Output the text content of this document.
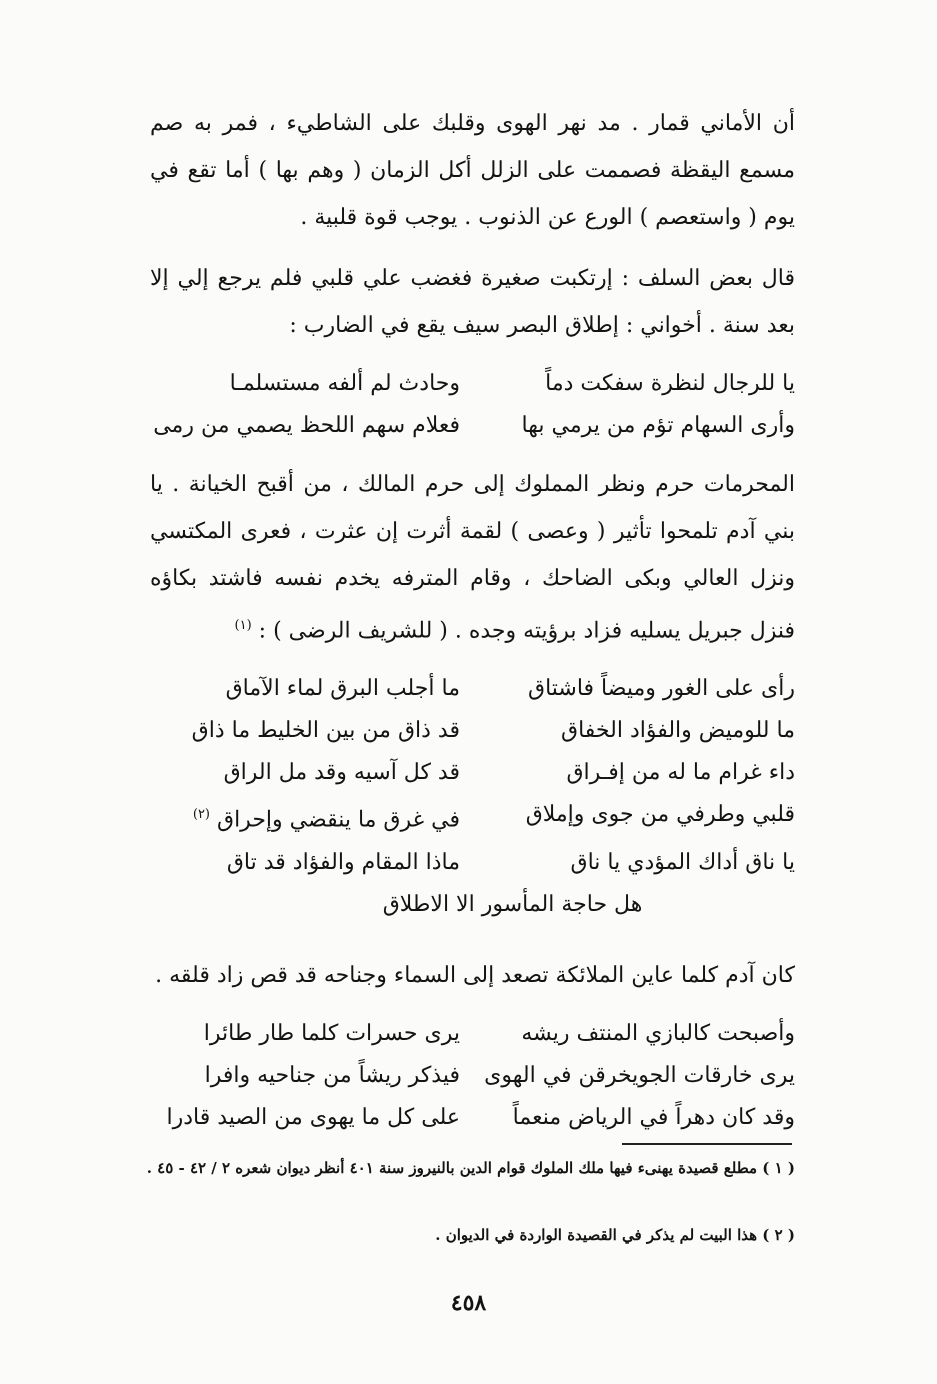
أن الأماني قمار . مد نهر الهوى وقلبك على الشاطيء ، فمر به صم مسمع اليقظة فصممت على الزلل أكل الزمان ( وهم بها ) أما تقع في يوم ( واستعصم ) الورع عن الذنوب . يوجب قوة قلبية .

قال بعض السلف : إرتكبت صغيرة فغضب علي قلبي فلم يرجع إلي إلا بعد سنة . أخواني : إطلاق البصر سيف يقع في الضارب :

يا للرجال لنظرة سفكت دماً
وحادث لم ألفه مستسلمـا
وأرى السهام تؤم من يرمي بها
فعلام سهم اللحظ يصمي من رمى

المحرمات حرم ونظر المملوك إلى حرم المالك ، من أقبح الخيانة . يا بني آدم تلمحوا تأثير ( وعصى ) لقمة أثرت إن عثرت ، فعرى المكتسي ونزل العالي وبكى الضاحك ، وقام المترفه يخدم نفسه فاشتد بكاؤه فنزل جبريل يسليه فزاد برؤيته وجده . ( للشريف الرضى ) : $^{(١)}$

رأى على الغور وميضاً فاشتاق
ما أجلب البرق لماء الآماق
ما للوميض والفؤاد الخفاق
قد ذاق من بين الخليط ما ذاق
داء غرام ما له من إفـراق
قد كل آسيه وقد مل الراق
قلبي وطرفي من جوى وإملاق
في غرق ما ينقضي وإحراق $^{(٢)}$
يا ناق أداك المؤدي يا ناق
ماذا المقام والفؤاد قد تاق
هل حاجة المأسور الا الاطلاق

كان آدم كلما عاين الملائكة تصعد إلى السماء وجناحه قد قص زاد قلقه .

وأصبحت كالبازي المنتف ريشه
يرى حسرات كلما طار طائرا
يرى خارقات الجويخرقن في الهوى
فيذكر ريشاً من جناحيه وافرا
وقد كان دهراً في الرياض منعماً
على كل ما يهوى من الصيد قادرا
( ١ ) مطلع قصيدة يهنىء فيها ملك الملوك قوام الدين بالنيروز سنة ٤٠١ أنظر ديوان شعره ٢ / ٤٢ - ٤٥ .
( ٢ ) هذا البيت لم يذكر في القصيدة الواردة في الديوان .
٤٥٨
